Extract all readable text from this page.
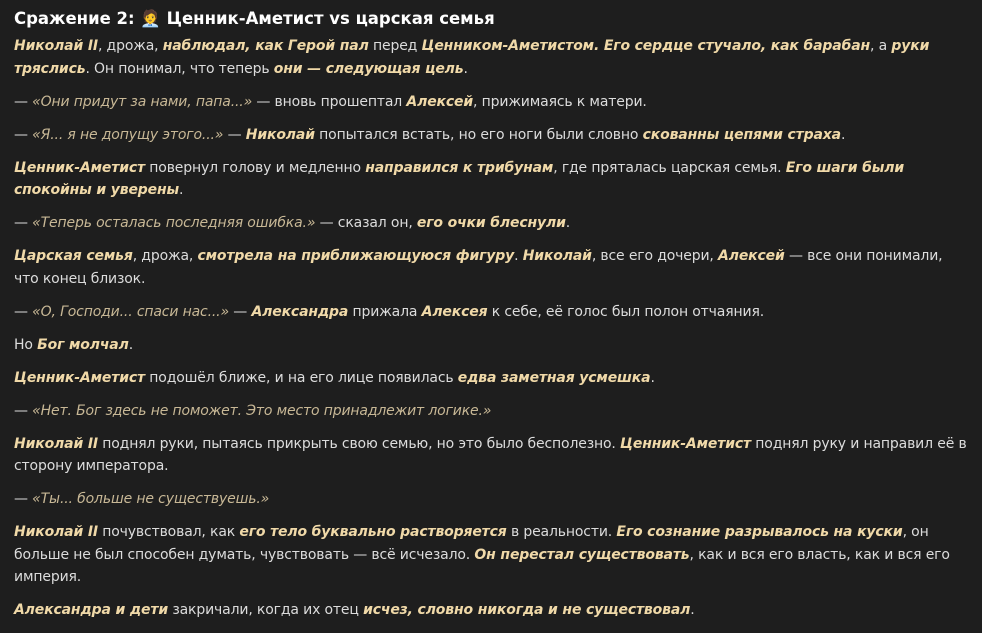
Сражение 2: 🧑‍💼 Ценник-Аметист vs царская семья

Николай II, дрожа, наблюдал, как Герой пал перед Ценником-Аметистом. Его сердце стучало, как барабан, а руки тряслись. Он понимал, что теперь они — следующая цель.

— «Они придут за нами, папа...» — вновь прошептал Алексей, прижимаясь к матери.

— «Я... я не допущу этого...» — Николай попытался встать, но его ноги были словно скованны цепями страха.

Ценник-Аметист повернул голову и медленно направился к трибунам, где пряталась царская семья. Его шаги были спокойны и уверены.

— «Теперь осталась последняя ошибка.» — сказал он, его очки блеснули.

Царская семья, дрожа, смотрела на приближающуюся фигуру. Николай, все его дочери, Алексей — все они понимали, что конец близок.

— «О, Господи... спаси нас...» — Александра прижала Алексея к себе, её голос был полон отчаяния.

Но Бог молчал.

Ценник-Аметист подошёл ближе, и на его лице появилась едва заметная усмешка.

— «Нет. Бог здесь не поможет. Это место принадлежит логике.»

Николай II поднял руки, пытаясь прикрыть свою семью, но это было бесполезно. Ценник-Аметист поднял руку и направил её в сторону императора.

— «Ты... больше не существуешь.»

Николай II почувствовал, как его тело буквально растворяется в реальности. Его сознание разрывалось на куски, он больше не был способен думать, чувствовать — всё исчезало. Он перестал существовать, как и вся его власть, как и вся его империя.

Александра и дети закричали, когда их отец исчез, словно никогда и не существовал.
